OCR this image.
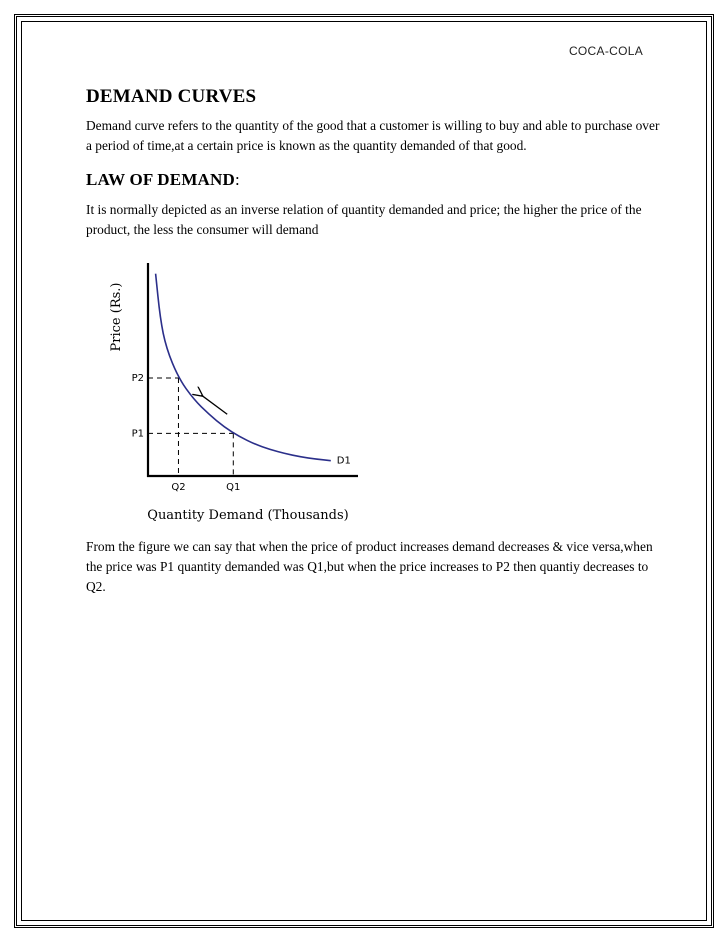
COCA-COLA
DEMAND CURVES

Demand curve refers to the quantity of the good that a customer is willing to buy and able to purchase over a period of time,at a certain price is known as the quantity demanded of that good.

LAW OF DEMAND:

It is normally depicted as an inverse relation of quantity demanded and price; the higher the price of the product, the less the consumer will demand

Price (Rs.)
Quantity Demand (Thousands)
D1
Q2	Q1
P2
P1

From the figure we can say that when the price of product increases demand decreases & vice versa,when the price was P1 quantity demanded was Q1,but when the price increases to P2 then quantiy decreases to Q2.
